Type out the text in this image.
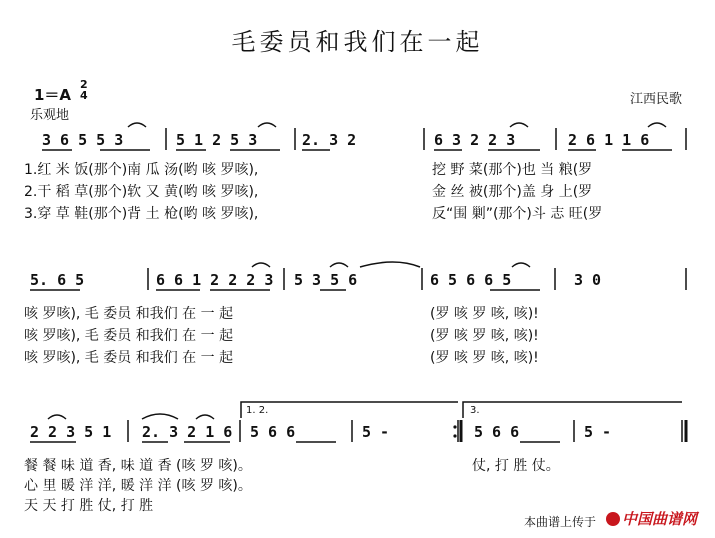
毛委员和我们在一起
1＝A
2
4
乐观地
江西民歌
3 6 5 5 3	5 1 2 5 3	2. 3 2	6 3 2 2 3	2 6 1 1 6
1.红 米 饭(那个)南 瓜 汤(哟 咳 罗咳),
2.干 稻 草(那个)软 又 黄(哟 咳 罗咳),
3.穿 草 鞋(那个)背 土 枪(哟 咳 罗咳),
挖 野 菜(那个)也 当 粮(罗
金 丝 被(那个)盖 身 上(罗
反“围 剿”(那个)斗 志 旺(罗
5. 6 5	6 6 1 2 2 2 3 5 3 5 6	6 5 6 6 5	3 0
咳 罗咳), 毛 委员 和我们 在 一 起
咳 罗咳), 毛 委员 和我们 在 一 起
咳 罗咳), 毛 委员 和我们 在 一 起
(罗 咳 罗 咳, 咳)!
(罗 咳 罗 咳, 咳)!
(罗 咳 罗 咳, 咳)!
1. 2.	3.
2 2 3 5 1 2. 3 2 1 6 5 6 6	5 -	5 6 6	5 -
餐 餐 味 道 香, 味 道 香 (咳 罗 咳)。
心 里 暖 洋 洋, 暖 洋 洋 (咳 罗 咳)。
天 天 打 胜 仗, 打 胜
仗, 打 胜 仗。
本曲谱上传于	中国曲谱网
